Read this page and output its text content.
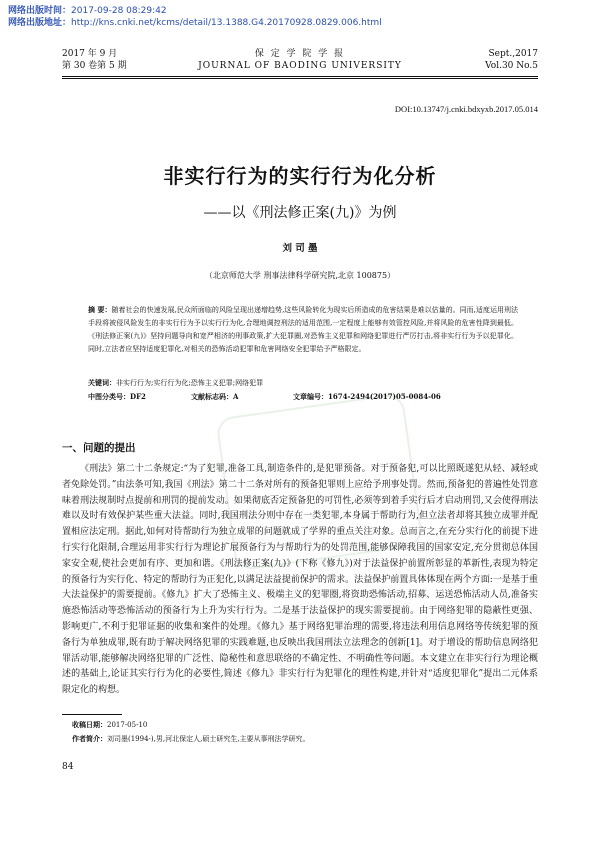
网络出版时间：2017-09-28 08:29:42
网络出版地址：http://kns.cnki.net/kcms/detail/13.1388.G4.20170928.0829.006.html
2017 年 9 月
第 30 卷第 5 期
保 定 学 院 学 报
JOURNAL OF BAODING UNIVERSITY
Sept.,2017
Vol.30 No.5
DOI:10.13747/j.cnki.bdxyxb.2017.05.014
非实行行为的实行行为化分析
——以《刑法修正案(九)》为例
刘 司 墨
（北京师范大学 刑事法律科学研究院,北京 100875）
摘 要：随着社会的快速发展,民众所面临的风险呈现出递增趋势,这些风险转化为现实后所造成的危害结果是难以估量的。同而,适度运用刑法手段将被侵风险发生的非实行行为予以实行行为化,合理地调控刑法的适用范围,一定程度上能够有效管控风险,并将风险的危害性降到最低。《刑法修正案(九)》坚持问题导向和宽严相济的刑事政策,扩大犯罪圈,对恐怖主义犯罪和网络犯罪进行严厉打击,将非实行行为予以犯罪化。同时,立法者应坚持适度犯罪化,对相关的恐怖活动犯罪和危害网络安全犯罪给予严格限定。
关键词：非实行行为;实行行为化;恐怖主义犯罪;网络犯罪
中图分类号：DF2	文献标志码：A	文章编号：1674-2494(2017)05-0084-06
一、问题的提出

《刑法》第二十二条规定:“为了犯罪,准备工具,制造条件的,是犯罪预备。对于预备犯,可以比照既遂犯从轻、减轻或者免除处罚。”由法条可知,我国《刑法》第二十二条对所有的预备犯罪则上应给予刑事处罚。然而,预备犯的普遍性处罚意味着刑法规制时点提前和刑罚的提前发动。如果彻底否定预备犯的可罚性,必须等到着手实行后才启动刑罚,又会使得刑法难以及时有效保护某些重大法益。同时,我国刑法分则中存在一类犯罪,本身属于帮助行为,但立法者却将其独立成罪并配置相应法定刑。据此,如何对待帮助行为独立成罪的问题就成了学界的重点关注对象。总而言之,在充分实行化的前提下进行实行化限制,合理运用非实行行为理论扩展预备行为与帮助行为的处罚范围,能够保障我国的国家安定,充分贯彻总体国家安全观,使社会更加有序、更加和谐。《刑法修正案(九)》(下称《修九》)对于法益保护前置所彰显的革新性,表现为特定的预备行为实行化、特定的帮助行为正犯化,以满足法益提前保护的需求。法益保护前置具体体现在两个方面:一是基于重大法益保护的需要提前。《修九》扩大了恐怖主义、极端主义的犯罪圈,将资助恐怖活动,招募、运送恐怖活动人员,准备实施恐怖活动等恐怖活动的预备行为上升为实行行为。二是基于法益保护的现实需要提前。由于网络犯罪的隐蔽性更强、影响更广,不利于犯罪证据的收集和案件的处理。《修九》基于网络犯罪治理的需要,将违法利用信息网络等传统犯罪的预备行为单独成罪,既有助于解决网络犯罪的实践难题,也反映出我国刑法立法理念的创新[1]。对于增设的帮助信息网络犯罪活动罪,能够解决网络犯罪的广泛性、隐秘性和意思联络的不确定性、不明确性等问题。本文建立在非实行行为理论概述的基础上,论证其实行行为化的必要性,简述《修九》非实行行为犯罪化的理性构建,并针对“适度犯罪化”提出二元体系限定化的构想。

收稿日期：2017-05-10
作者简介：刘司墨(1994-),男,河北保定人,硕士研究生,主要从事刑法学研究。
84
